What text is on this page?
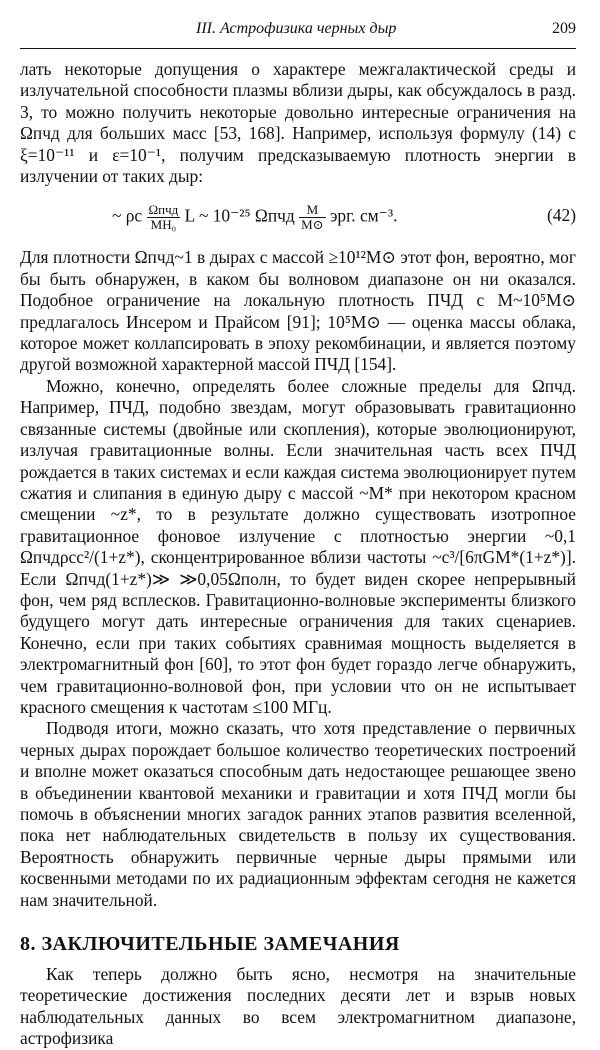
III. Астрофизика черных дыр	209

лать некоторые допущения о характере межгалактической среды и излучательной способности плазмы вблизи дыры, как обсуждалось в разд. 3, то можно получить некоторые довольно интересные ограничения на Ωпчд для больших масс [53, 168]. Например, используя формулу (14) с ξ=10⁻¹¹ и ε=10⁻¹, получим предсказываемую плотность энергии в излучении от таких дыр:

~ ρc $\frac{\text{Ωпчд}}{\text{MH₀}}$ L ~ 10⁻²⁵ Ωпчд $\frac{M}{M⊙}$ эрг. см⁻³.	(42)

Для плотности Ωпчд~1 в дырах с массой ≥10¹²M⊙ этот фон, вероятно, мог бы быть обнаружен, в каком бы волновом диапазоне он ни оказался. Подобное ограничение на локальную плотность ПЧД с M~10⁵M⊙ предлагалось Инсером и Прайсом [91]; 10⁵M⊙ — оценка массы облака, которое может коллапсировать в эпоху рекомбинации, и является поэтому другой возможной характерной массой ПЧД [154].

Можно, конечно, определять более сложные пределы для Ωпчд. Например, ПЧД, подобно звездам, могут образовывать гравитационно связанные системы (двойные или скопления), которые эволюционируют, излучая гравитационные волны. Если значительная часть всех ПЧД рождается в таких системах и если каждая система эволюционирует путем сжатия и слипания в единую дыру с массой ~M* при некотором красном смещении ~z*, то в результате должно существовать изотропное гравитационное фоновое излучение с плотностью энергии ~0,1 Ωпчдρcc²/(1+z*), сконцентрированное вблизи частоты ~c³/[6πGM*(1+z*)]. Если Ωпчд(1+z*)≫ ≫0,05Ωполн, то будет виден скорее непрерывный фон, чем ряд всплесков. Гравитационно-волновые эксперименты близкого будущего могут дать интересные ограничения для таких сценариев. Конечно, если при таких событиях сравнимая мощность выделяется в электромагнитный фон [60], то этот фон будет гораздо легче обнаружить, чем гравитационно-волновой фон, при условии что он не испытывает красного смещения к частотам ≤100 МГц.

Подводя итоги, можно сказать, что хотя представление о первичных черных дырах порождает большое количество теоретических построений и вполне может оказаться способным дать недостающее решающее звено в объединении квантовой механики и гравитации и хотя ПЧД могли бы помочь в объяснении многих загадок ранних этапов развития вселенной, пока нет наблюдательных свидетельств в пользу их существования. Вероятность обнаружить первичные черные дыры прямыми или косвенными методами по их радиационным эффектам сегодня не кажется нам значительной.

8. ЗАКЛЮЧИТЕЛЬНЫЕ ЗАМЕЧАНИЯ

Как теперь должно быть ясно, несмотря на значительные теоретические достижения последних десяти лет и взрыв новых наблюдательных данных во всем электромагнитном диапазоне, астрофизика
